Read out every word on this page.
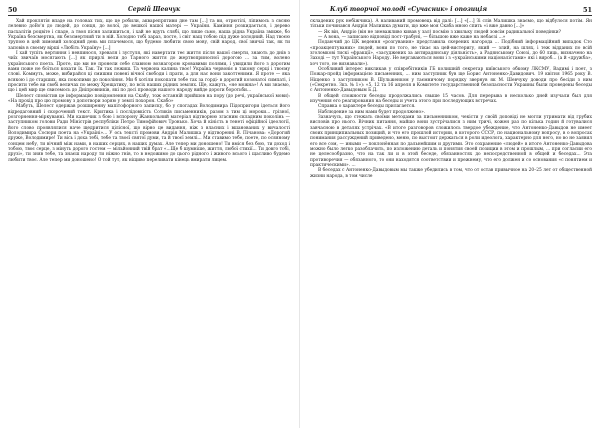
50	Сергій Шевчук

Хай проклятія впаде на головах тих, що це робили, акварепрптиви дне там [...] та ви, отрютілі, ліпимось з свсню лелевно доВо'я до людей, до сонця, до волої, до вешкої нашої матері — України. Каміння розкидається, і дерево пасхалітів роцвіте і спаде, а твоя пісня залишиться, і хай не вдуть слябі, що лише сьмо, наша рідна Україна змиже, бо Україна безсмертна, як безсмертний ти в ній. Холодно тобі зараз, посте, і світ нащ тобою під дуже холодний. Над твоєю трупою в цей зимовий холодний день ми плачемося, що будемо любити свою мову, свій народ, свої звичаї так, як ти заповів в своєму вірші «Любіть Україну» [...]

І хай тупіть вертиння і невпинося, зреваля і зустуля, які навертати теє життя після вашої смерти, знають до днів з чиїх звичаїв мосягають [...] як прирлі вели до Тарного життя до жертвоприносної дорогою ... за тим, волено українського поета. Проте, що ми не пронели себе славною вознагорою кровавими полями, і увидили його з дорогим вами поже не боїться кохати їх. Так. Ти так лежиш. Та червона калина твоє! Україна червоніє в такому серці і твоєму слові. Коммуть, може, вибирайся ці смишни повені вічної свободи і прати, а для нас вони закоттеними. Я проте — яка всякою і до старших, яка покопими до покоління. Ми б хотіли покопати тебе тах за горді- в дорогий козонатоі симпаті, і просити тебе ви свобі величах по межу Хрещатику, по всіх наших рідних землях. Ще, кажуть, «не можна»! А ми знаємо, що і цей мир ще свисемось до Дніпровників, які по досі проводи нашого народу вийде дороги боротьби...

Шелест сповістив це інформацію повідомлення на Скабу, тож останній прийшов на пору (до речі, української мови): «На прохід про цю промову з допотвори зоряю у землі похорон. Скабо»

Мабуть, Шелест одержав розширенну мапітофорного записку, бо у спогадах Володимира Підопригори ідеться його відредаговний і скорочений текст. Критика і послідовкість Сотиків письменників, разом з тим ці мороки... грізної, розгорнення-міркуванні. Ми кашечик з бою і вспорону Жанкольний матеріал відтворюю згасним складним поколінь — заступником голови Ради Міністрів республіки Петро Тимофійович Тронько. Хоча й кіність в тенеті офіційної ідеології, його слово проявлялися наче щедритися цілісної, що вірно це видання, ніж з власних і вшанованих у вичалості Володимира Сосюри поета на «Україні»... У ось тексті промови Андрія Малишка у відтворенні В. Пічанова: «Дорогий друже, Володимире! Ти вісь і доха тебі, тебе та твоєї святої думи, та й твоєї землі... Ми ставимо тебе, поете, по осяяному сонцем небу, ти вічний між нами, в наших серцях, в наших думах. Але тепер ми доношено! Ти вміся без бою, ти доход і тобою, твоє серце, з мінуть дорого гостем — мільйонний твій брат «...Ще б шумніше, життя, любої стихії... Ти довго тобі, друзі», ти зняв тебе, та знаєш народу ти ніжно гнів, то в недожимо до цього рідного і живого всього і щасливо будемо любити твоє. Але тепер ми доношено! О той тут, як ніщиво переливати кінець вмирати лицем.

Клуб творчої молоді «Сучасник» і опозиція	51

складених рук небіжчика). А наливаний промовець від далі: [...] «[...] Зі слів Малишка знаємо, що відбулося потім. Ян тільки починався Андрія Малишка думати, що вже моя Скаба мною спить «і вже давно [...]»

— Як він, Андріо (він не зневажливо кивав у зал) посмію з хвильку людей зовсім радикальної поведінки?

— А вона, — записано відповіді пост-трабуні, — більшою вже каже на небаєзі ...»

Подаючий до ЦК ведення «розгувания» представила скерених нагорода ... Подібний інформаційний випадок Сто «проакцептуваних» людей, вони по того, не тікає на цей-вистеригу, який — злий, на шлях, і теж відданих по всій зголомкові тискі «фракції», «засуджених за антирадянську діяльність», а Радянському Союзі, до 60 лиць, визначено на Заході — тут Українського Народу. Не вергаваються вони і з «українськими націоналістами» які і вироб... (а й «дружба», хоч того, не визнавали»).

Особливий інтерес викликав у співробітників ГБ колишній секретар київського обкому ЛКСМУ, Вадимі і поет, з Пожар-пройд інформацією письменних, ... ним заступник був ще Борис Антоненко-Давидович. 19 квітня 1965 року В. Ніщенко з заступником В. Шульженком у таємничому порядку звернув як М. Шевчуку доводи про бесіди з ним («Секретно. Зкз. № 1»): «5, 12 та 16 апреля в Комитете государственной безопасности Украины были проведены беседы с Антоненко-Давыдовым Б.Д.

В общей сложности беседы продолжались свыше 15 часов. Для перерыва в несколько дней изучали был для изучения его реагирования на беседы и учета этого при последующих встречах.

Справка о характере беседы прилагается.

Наблюдение за ним нами будет продолжено».

Зазначусь, що стежать своїми методами за письменником, чекісти у своїй доповіді не могли утримати від грубих висловів про нього. Вічник питання, майшо вони зустрічалися з ним тричі, кожен раз по кілька годин й готувалися завчасною в деталях устрічах. «В итоге разговоров сложилось твердое убеждение, что Антоненко-Давыдов не имеет своих принципиальных позиций, и что его прошлой истории, в которого СССР, по национальному вопросу, в о вопросах понимания рассуждений приведено, меню, по выстоит держаться в роли идеолога, характерно для него, но во не заявил его все сом, — иными — поклонённая по дальнейшим и другими. Это сохранение «людей» в итоге Антоненко-Давыдова можно было легко разоблачить, по изложению деталь и понятия своей позиции в этом и прошлым, ... при согласии его не целесообразно, что на так ли и в этой беседе, обязанностях до непосредственной в общей и беседах... Эта противоречия — обязанного, то они находятся соответствии и прежнему, что его должен и со основания «с понятием и практическими». ...

В беседах с Антоненко-Давыдовым мы также убедились в том, что от остав привычное на 20–25 лет от общественной жизни народа, в том числе
